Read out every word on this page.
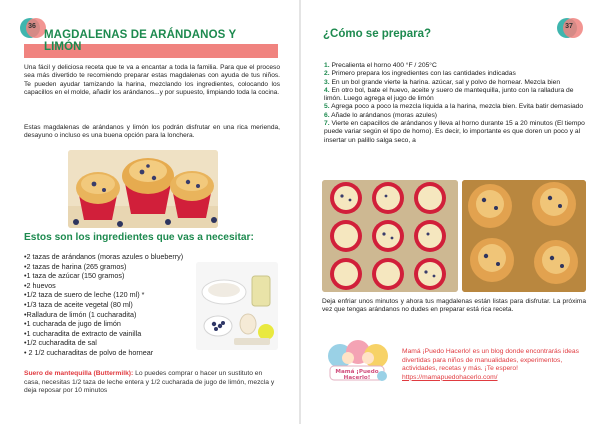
36
MAGDALENAS DE ARÁNDANOS Y LIMÓN
Una fácil y deliciosa receta que te va a encantar a toda la familia. Para que el proceso sea más divertido te recomiendo preparar estas magdalenas con ayuda de tus niños. Te pueden ayudar tamizando la harina, mezclando los ingredientes, colocando los capacillos en el molde, añadir los arándanos...y por supuesto, limpiando toda la cocina.
Estas magdalenas de arándanos y limón los podrán disfrutar en una rica merienda, desayuno o incluso es una buena opción para la lonchera.
Estos son los ingredientes que vas a necesitar:
•2 tazas de arándanos (moras azules o blueberry)
•2 tazas de harina (265 gramos)
•1 taza de azúcar (150 gramos)
•2 huevos
•1/2 taza de suero de leche (120 ml) *
•1/3 taza de aceite vegetal (80 ml)
•Ralladura de limón (1 cucharadita)
•1 cucharada de jugo de limón
•1 cucharadita de extracto de vainilla
•1/2 cucharadita de sal
• 2 1/2 cucharaditas de polvo de hornear
Suero de mantequilla (Buttermilk): Lo puedes comprar o hacer un sustituto en casa, necesitas 1/2 taza de leche entera y 1/2 cucharada de jugo de limón, mezcla y deja reposar por 10 minutos
37
¿Cómo se prepara?
1. Precalienta el horno 400 °F / 205°C
2. Primero prepara los ingredientes con las cantidades indicadas
3. En un bol grande vierte la harina. azúcar, sal y polvo de hornear. Mezcla bien
4. En otro bol, bate el huevo, aceite y suero de mantequilla, junto con la ralladura de limón. Luego agrega el jugo de limón
5. Agrega poco a poco la mezcla líquida a la harina, mezcla bien. Evita batir demasiado
6. Añade lo arándanos (moras azules)
7. Vierte en capacillos de arándanos y lleva al horno durante 15 a 20 minutos (El tiempo puede variar según el tipo de horno). Es decir, lo importante es que doren un poco y al insertar un palillo salga seco, a
Deja enfriar unos minutos y ahora tus magdalenas están listas para disfrutar. La próxima vez que tengas arándanos no dudes en preparar está rica receta.
Mamá ¡Puedo Hacerlo!
Mamá ¡Puedo Hacerlo! es un blog donde encontrarás ideas divertidas para niños de manualidades, experimentos, actividades, recetas y más. ¡Te espero! https://mamapuedohacerlo.com/
